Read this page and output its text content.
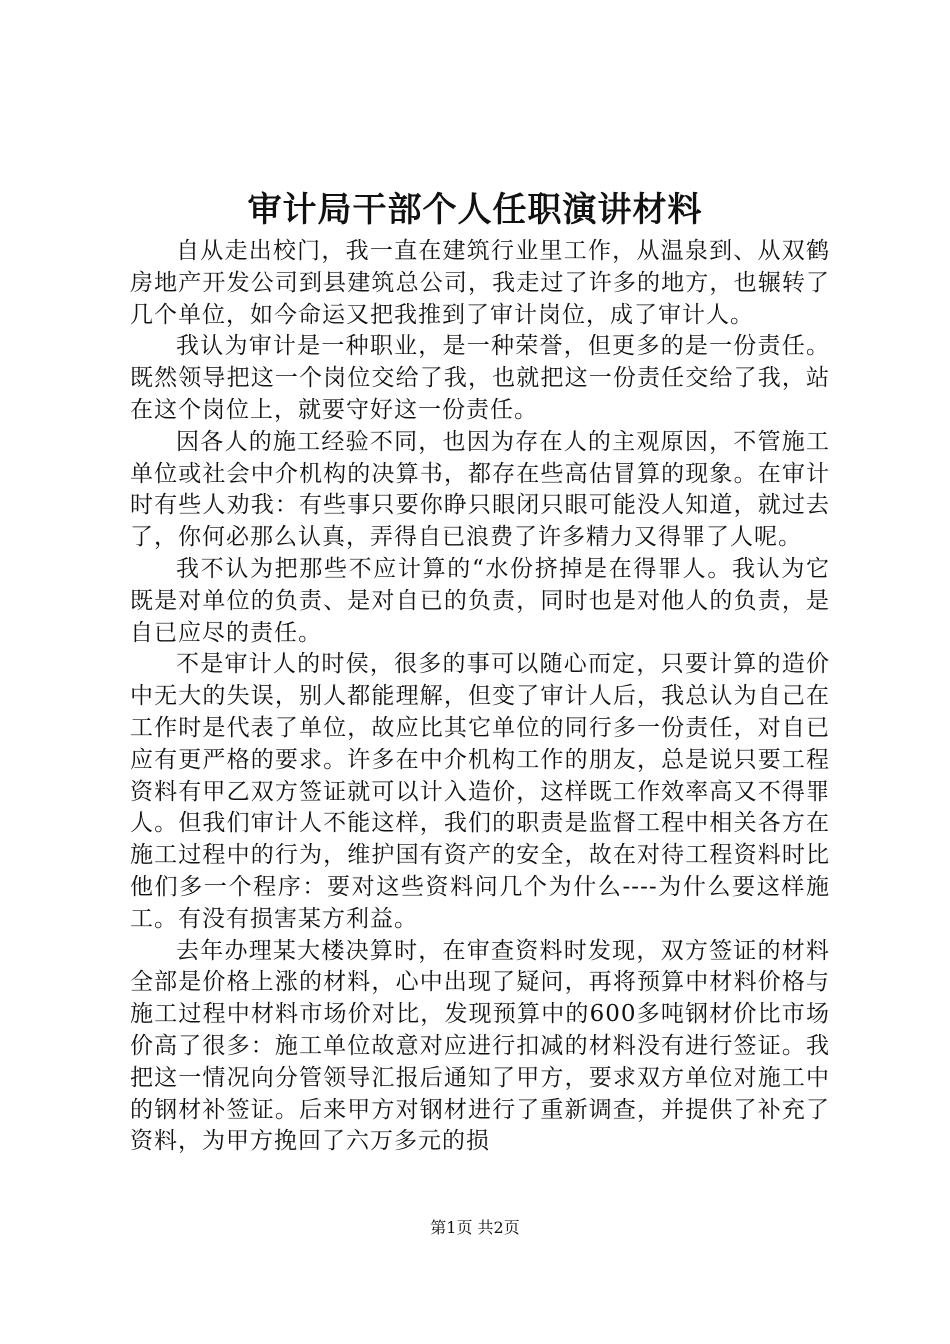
审计局干部个人任职演讲材料

自从走出校门，我一直在建筑行业里工作，从温泉到、从双鹤房地产开发公司到县建筑总公司，我走过了许多的地方，也辗转了几个单位，如今命运又把我推到了审计岗位，成了审计人。

我认为审计是一种职业，是一种荣誉，但更多的是一份责任。既然领导把这一个岗位交给了我，也就把这一份责任交给了我，站在这个岗位上，就要守好这一份责任。

因各人的施工经验不同，也因为存在人的主观原因，不管施工单位或社会中介机构的决算书，都存在些高估冒算的现象。在审计时有些人劝我：有些事只要你睁只眼闭只眼可能没人知道，就过去了，你何必那么认真，弄得自已浪费了许多精力又得罪了人呢。

我不认为把那些不应计算的“水份挤掉是在得罪人。我认为它既是对单位的负责、是对自已的负责，同时也是对他人的负责，是自已应尽的责任。

不是审计人的时侯，很多的事可以随心而定，只要计算的造价中无大的失误，别人都能理解，但变了审计人后，我总认为自己在工作时是代表了单位，故应比其它单位的同行多一份责任，对自已应有更严格的要求。许多在中介机构工作的朋友，总是说只要工程资料有甲乙双方签证就可以计入造价，这样既工作效率高又不得罪人。但我们审计人不能这样，我们的职责是监督工程中相关各方在施工过程中的行为，维护国有资产的安全，故在对待工程资料时比他们多一个程序：要对这些资料问几个为什么----为什么要这样施工。有没有损害某方利益。

去年办理某大楼决算时，在审查资料时发现，双方签证的材料全部是价格上涨的材料，心中出现了疑问，再将预算中材料价格与施工过程中材料市场价对比，发现预算中的600多吨钢材价比市场价高了很多：施工单位故意对应进行扣减的材料没有进行签证。我把这一情况向分管领导汇报后通知了甲方，要求双方单位对施工中的钢材补签证。后来甲方对钢材进行了重新调查，并提供了补充了资料，为甲方挽回了六万多元的损

第1页 共2页
